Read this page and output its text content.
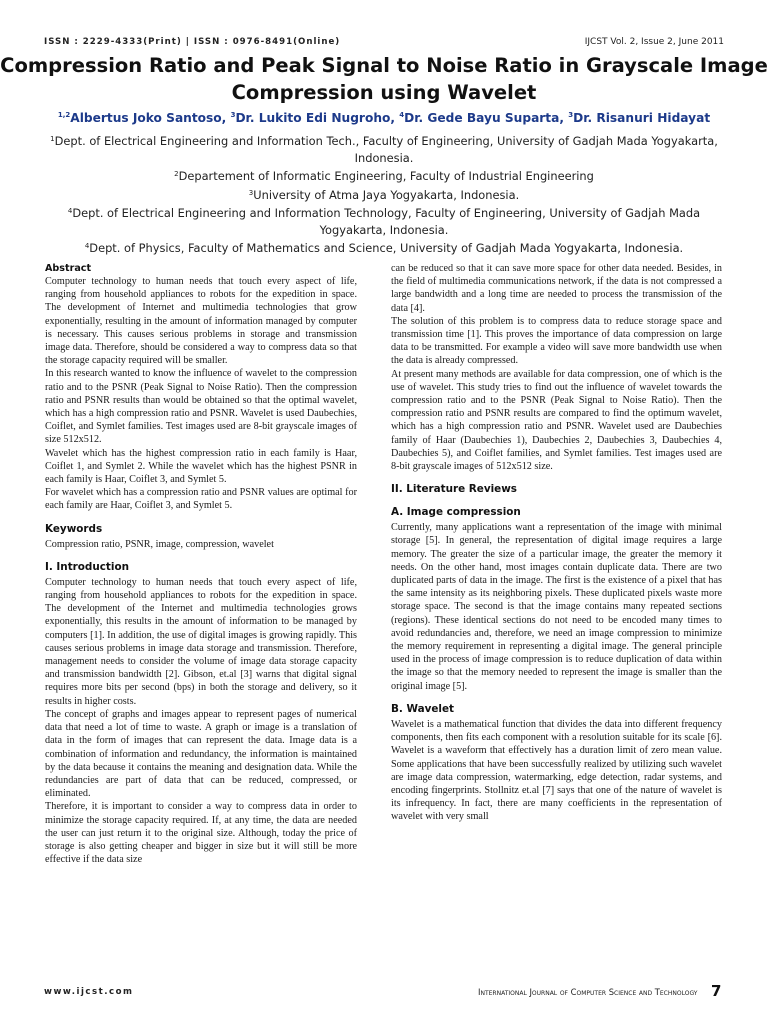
ISSN : 2229-4333(Print) | ISSN : 0976-8491(Online)	IJCST Vol. 2, Issue 2, June 2011
Compression Ratio and Peak Signal to Noise Ratio in Grayscale Image Compression using Wavelet
$^{1,2}$Albertus Joko Santoso, $^3$Dr. Lukito Edi Nugroho, $^4$Dr. Gede Bayu Suparta, $^3$Dr. Risanuri Hidayat
$^1$Dept. of Electrical Engineering and Information Tech., Faculty of Engineering, University of Gadjah Mada Yogyakarta, Indonesia.
$^2$Departement of Informatic Engineering, Faculty of Industrial Engineering
$^3$University of Atma Jaya Yogyakarta, Indonesia.
$^4$Dept. of Electrical Engineering and Information Technology, Faculty of Engineering, University of Gadjah Mada Yogyakarta, Indonesia.
$^4$Dept. of Physics, Faculty of Mathematics and Science, University of Gadjah Mada Yogyakarta, Indonesia.
Abstract

Computer technology to human needs that touch every aspect of life, ranging from household appliances to robots for the expedition in space. The development of Internet and multimedia technologies that grow exponentially, resulting in the amount of information managed by computer is necessary. This causes serious problems in storage and transmission image data. Therefore, should be considered a way to compress data so that the storage capacity required will be smaller.

In this research wanted to know the influence of wavelet to the compression ratio and to the PSNR (Peak Signal to Noise Ratio). Then the compression ratio and PSNR results than would be obtained so that the optimal wavelet, which has a high compression ratio and PSNR. Wavelet is used Daubechies, Coiflet, and Symlet families. Test images used are 8-bit grayscale images of size 512x512.

Wavelet which has the highest compression ratio in each family is Haar, Coiflet 1, and Symlet 2. While the wavelet which has the highest PSNR in each family is Haar, Coiflet 3, and Symlet 5.

For wavelet which has a compression ratio and PSNR values are optimal for each family are Haar, Coiflet 3, and Symlet 5.

Keywords

Compression ratio, PSNR, image, compression, wavelet

I. Introduction

Computer technology to human needs that touch every aspect of life, ranging from household appliances to robots for the expedition in space. The development of the Internet and multimedia technologies grows exponentially, this results in the amount of information to be managed by computers [1]. In addition, the use of digital images is growing rapidly. This causes serious problems in image data storage and transmission. Therefore, management needs to consider the volume of image data storage capacity and transmission bandwidth [2]. Gibson, et.al [3] warns that digital signal requires more bits per second (bps) in both the storage and delivery, so it results in higher costs.

The concept of graphs and images appear to represent pages of numerical data that need a lot of time to waste. A graph or image is a translation of data in the form of images that can represent the data. Image data is a combination of information and redundancy, the information is maintained by the data because it contains the meaning and designation data. While the redundancies are part of data that can be reduced, compressed, or eliminated.

Therefore, it is important to consider a way to compress data in order to minimize the storage capacity required. If, at any time, the data are needed the user can just return it to the original size. Although, today the price of storage is also getting cheaper and bigger in size but it will still be more effective if the data size

can be reduced so that it can save more space for other data needed. Besides, in the field of multimedia communications network, if the data is not compressed a large bandwidth and a long time are needed to process the transmission of the data [4].

The solution of this problem is to compress data to reduce storage space and transmission time [1]. This proves the importance of data compression on large data to be transmitted. For example a video will save more bandwidth use when the data is already compressed.

At present many methods are available for data compression, one of which is the use of wavelet. This study tries to find out the influence of wavelet towards the compression ratio and to the PSNR (Peak Signal to Noise Ratio). Then the compression ratio and PSNR results are compared to find the optimum wavelet, which has a high compression ratio and PSNR. Wavelet used are Daubechies family of Haar (Daubechies 1), Daubechies 2, Daubechies 3, Daubechies 4, Daubechies 5), and Coiflet families, and Symlet families. Test images used are 8-bit grayscale images of 512x512 size.

II. Literature Reviews
A. Image compression

Currently, many applications want a representation of the image with minimal storage [5]. In general, the representation of digital image requires a large memory. The greater the size of a particular image, the greater the memory it needs. On the other hand, most images contain duplicate data. There are two duplicated parts of data in the image. The first is the existence of a pixel that has the same intensity as its neighboring pixels. These duplicated pixels waste more storage space. The second is that the image contains many repeated sections (regions). These identical sections do not need to be encoded many times to avoid redundancies and, therefore, we need an image compression to minimize the memory requirement in representing a digital image. The general principle used in the process of image compression is to reduce duplication of data within the image so that the memory needed to represent the image is smaller than the original image [5].

B. Wavelet

Wavelet is a mathematical function that divides the data into different frequency components, then fits each component with a resolution suitable for its scale [6]. Wavelet is a waveform that effectively has a duration limit of zero mean value. Some applications that have been successfully realized by utilizing such wavelet are image data compression, watermarking, edge detection, radar systems, and encoding fingerprints. Stollnitz et.al [7] says that one of the nature of wavelet is its infrequency. In fact, there are many coefficients in the representation of wavelet with very small

www.ijcst.com	International Journal of Computer Science and Technology 7
